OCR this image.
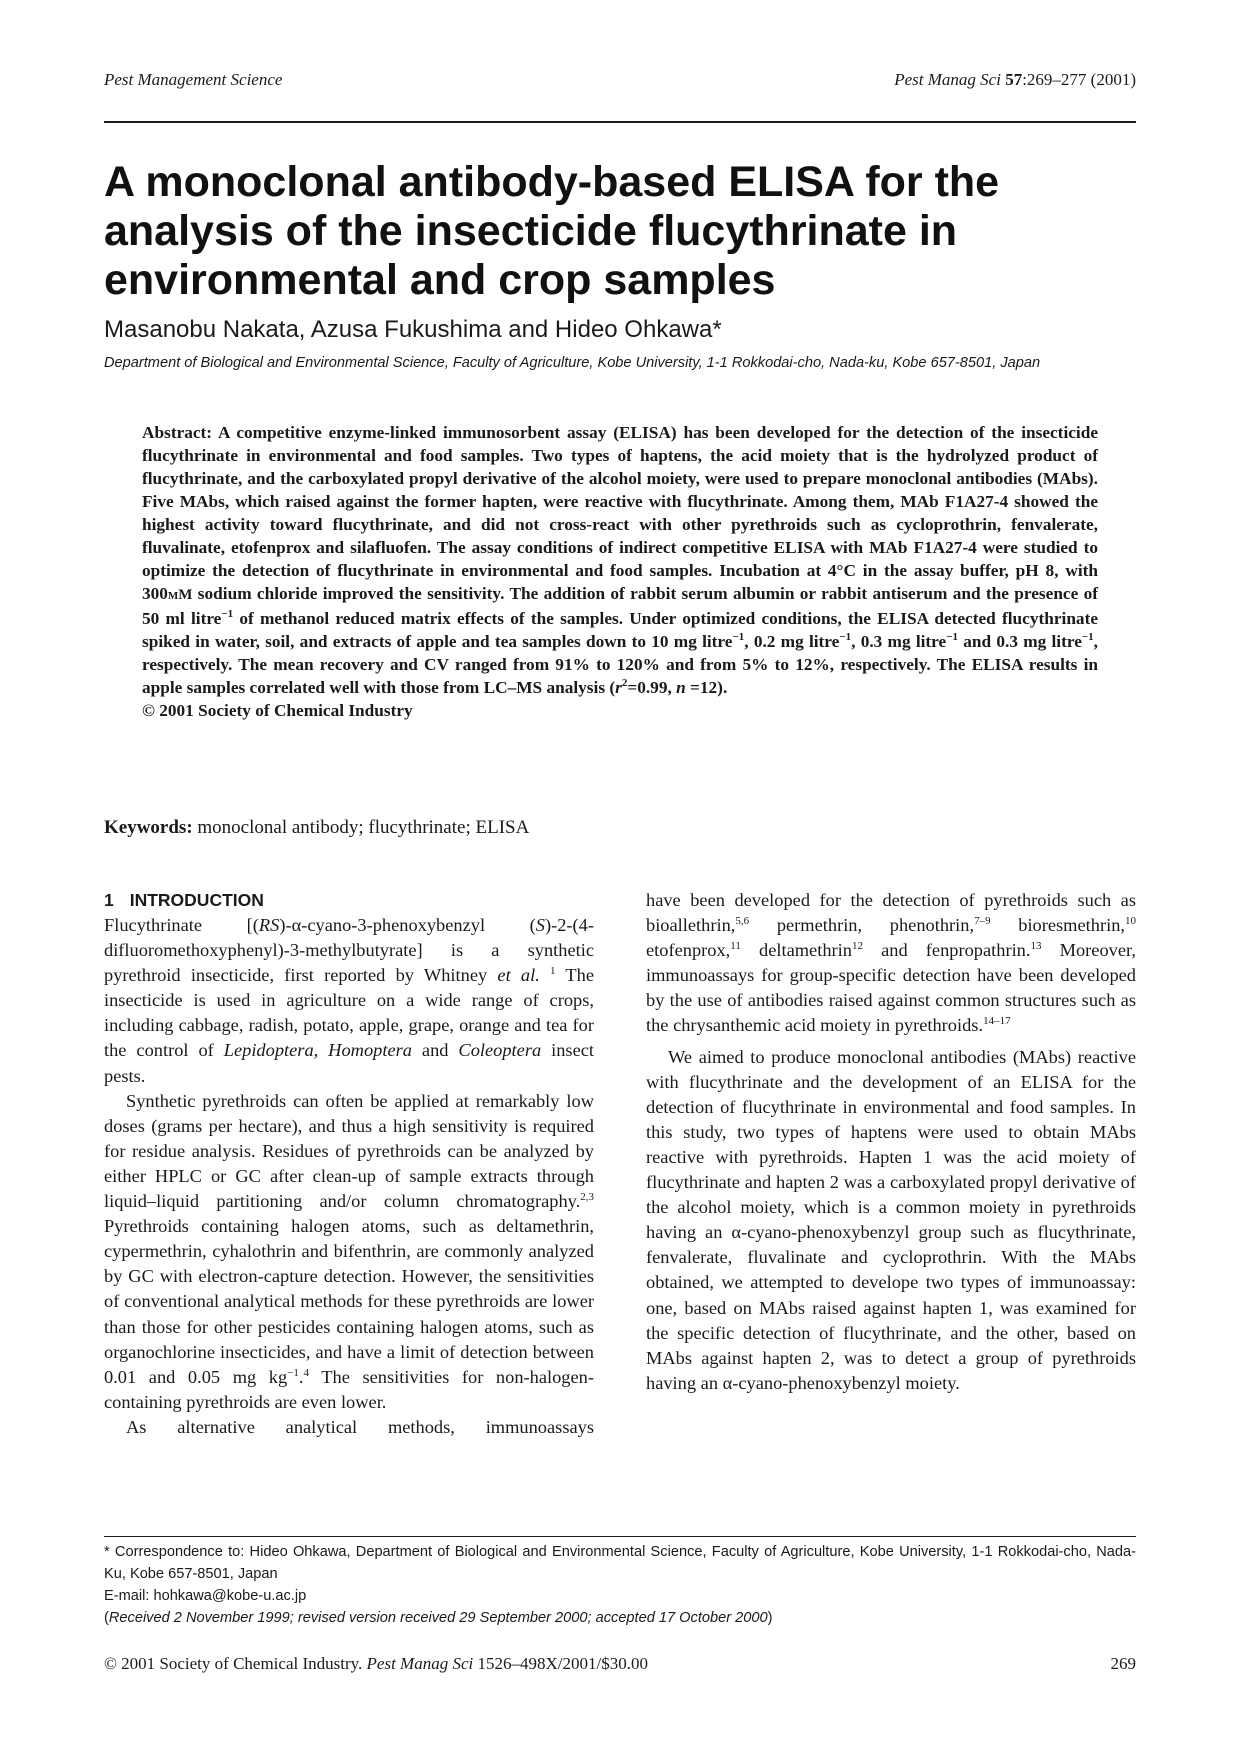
Pest Management Science	Pest Manag Sci 57:269–277 (2001)
A monoclonal antibody-based ELISA for the analysis of the insecticide flucythrinate in environmental and crop samples

Masanobu Nakata, Azusa Fukushima and Hideo Ohkawa*

Department of Biological and Environmental Science, Faculty of Agriculture, Kobe University, 1-1 Rokkodai-cho, Nada-ku, Kobe 657-8501, Japan

Abstract: A competitive enzyme-linked immunosorbent assay (ELISA) has been developed for the detection of the insecticide flucythrinate in environmental and food samples. Two types of haptens, the acid moiety that is the hydrolyzed product of flucythrinate, and the carboxylated propyl derivative of the alcohol moiety, were used to prepare monoclonal antibodies (MAbs). Five MAbs, which raised against the former hapten, were reactive with flucythrinate. Among them, MAb F1A27-4 showed the highest activity toward flucythrinate, and did not cross-react with other pyrethroids such as cycloprothrin, fenvalerate, fluvalinate, etofenprox and silafluofen. The assay conditions of indirect competitive ELISA with MAb F1A27-4 were studied to optimize the detection of flucythrinate in environmental and food samples. Incubation at 4°C in the assay buffer, pH 8, with 300mM sodium chloride improved the sensitivity. The addition of rabbit serum albumin or rabbit antiserum and the presence of 50 ml litre$^{-1}$ of methanol reduced matrix effects of the samples. Under optimized conditions, the ELISA detected flucythrinate spiked in water, soil, and extracts of apple and tea samples down to 10 mg litre$^{-1}$, 0.2 mg litre$^{-1}$, 0.3 mg litre$^{-1}$ and 0.3 mg litre$^{-1}$, respectively. The mean recovery and CV ranged from 91% to 120% and from 5% to 12%, respectively. The ELISA results in apple samples correlated well with those from LC–MS analysis ($r^2=0.99$, n =12).
© 2001 Society of Chemical Industry

Keywords: monoclonal antibody; flucythrinate; ELISA

1 INTRODUCTION

Flucythrinate [(RS)-α-cyano-3-phenoxybenzyl (S)-2-(4-difluoromethoxyphenyl)-3-methylbutyrate] is a synthetic pyrethroid insecticide, first reported by Whitney et al. $^1$ The insecticide is used in agriculture on a wide range of crops, including cabbage, radish, potato, apple, grape, orange and tea for the control of Lepidoptera, Homoptera and Coleoptera insect pests.

Synthetic pyrethroids can often be applied at remarkably low doses (grams per hectare), and thus a high sensitivity is required for residue analysis. Residues of pyrethroids can be analyzed by either HPLC or GC after clean-up of sample extracts through liquid–liquid partitioning and/or column chromatography.$^{2,3}$ Pyrethroids containing halogen atoms, such as deltamethrin, cypermethrin, cyhalothrin and bifenthrin, are commonly analyzed by GC with electron-capture detection. However, the sensitivities of conventional analytical methods for these pyrethroids are lower than those for other pesticides containing halogen atoms, such as organochlorine insecticides, and have a limit of detection between 0.01 and 0.05 mg $kg^{-1}.^4$ The sensitivities for non-halogen-containing pyrethroids are even lower.

As alternative analytical methods, immunoassays

have been developed for the detection of pyrethroids such as bioallethrin,$^{5,6}$ permethrin, phenothrin,$^{7-9}$ bioresmethrin,$^{10}$ etofenprox,$^{11}$ deltamethrin$^{12}$ and fenpropathrin.$^{13}$ Moreover, immunoassays for group-specific detection have been developed by the use of antibodies raised against common structures such as the chrysanthemic acid moiety in pyrethroids.$^{14-17}$

We aimed to produce monoclonal antibodies (MAbs) reactive with flucythrinate and the development of an ELISA for the detection of flucythrinate in environmental and food samples. In this study, two types of haptens were used to obtain MAbs reactive with pyrethroids. Hapten 1 was the acid moiety of flucythrinate and hapten 2 was a carboxylated propyl derivative of the alcohol moiety, which is a common moiety in pyrethroids having an α-cyano-phenoxybenzyl group such as flucythrinate, fenvalerate, fluvalinate and cycloprothrin. With the MAbs obtained, we attempted to develope two types of immunoassay: one, based on MAbs raised against hapten 1, was examined for the specific detection of flucythrinate, and the other, based on MAbs against hapten 2, was to detect a group of pyrethroids having an α-cyano-phenoxybenzyl moiety.

* Correspondence to: Hideo Ohkawa, Department of Biological and Environmental Science, Faculty of Agriculture, Kobe University, 1-1 Rokkodai-cho, Nada-Ku, Kobe 657-8501, Japan
E-mail: hohkawa@kobe-u.ac.jp
(Received 2 November 1999; revised version received 29 September 2000; accepted 17 October 2000)

© 2001 Society of Chemical Industry. Pest Manag Sci 1526–498X/2001/$30.00	269
